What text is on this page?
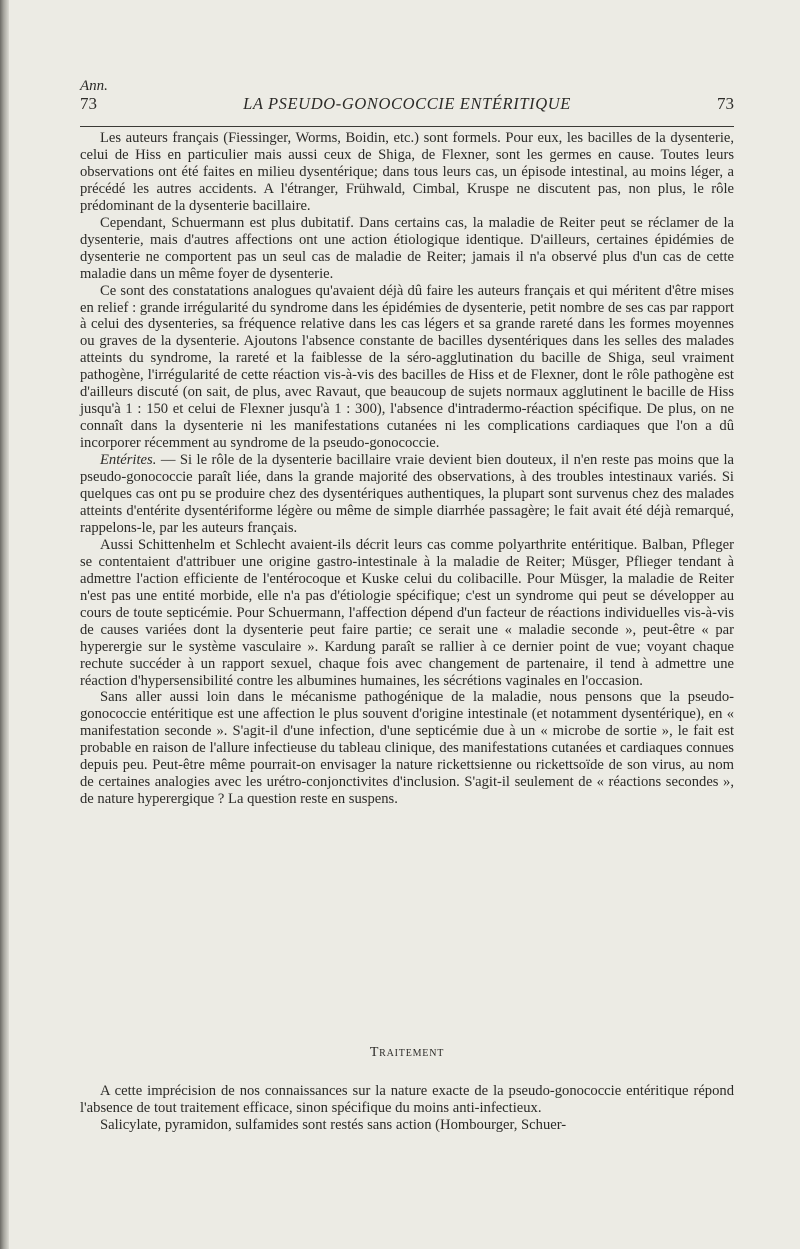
Ann.
73	LA PSEUDO-GONOCOCCIE ENTÉRITIQUE	73

Les auteurs français (Fiessinger, Worms, Boidin, etc.) sont formels. Pour eux, les bacilles de la dysenterie, celui de Hiss en particulier mais aussi ceux de Shiga, de Flexner, sont les germes en cause. Toutes leurs observations ont été faites en milieu dysentérique; dans tous leurs cas, un épisode intestinal, au moins léger, a précédé les autres accidents. A l'étranger, Frühwald, Cimbal, Kruspe ne discutent pas, non plus, le rôle prédominant de la dysenterie bacillaire.

Cependant, Schuermann est plus dubitatif. Dans certains cas, la maladie de Reiter peut se réclamer de la dysenterie, mais d'autres affections ont une action étiologique identique. D'ailleurs, certaines épidémies de dysenterie ne comportent pas un seul cas de maladie de Reiter; jamais il n'a observé plus d'un cas de cette maladie dans un même foyer de dysenterie.

Ce sont des constatations analogues qu'avaient déjà dû faire les auteurs français et qui méritent d'être mises en relief : grande irrégularité du syndrome dans les épidémies de dysenterie, petit nombre de ses cas par rapport à celui des dysenteries, sa fréquence relative dans les cas légers et sa grande rareté dans les formes moyennes ou graves de la dysenterie. Ajoutons l'absence constante de bacilles dysentériques dans les selles des malades atteints du syndrome, la rareté et la faiblesse de la séro-agglutination du bacille de Shiga, seul vraiment pathogène, l'irrégularité de cette réaction vis-à-vis des bacilles de Hiss et de Flexner, dont le rôle pathogène est d'ailleurs discuté (on sait, de plus, avec Ravaut, que beaucoup de sujets normaux agglutinent le bacille de Hiss jusqu'à 1 : 150 et celui de Flexner jusqu'à 1 : 300), l'absence d'intradermo-réaction spécifique. De plus, on ne connaît dans la dysenterie ni les manifestations cutanées ni les complications cardiaques que l'on a dû incorporer récemment au syndrome de la pseudo-gonococcie.

Entérites. — Si le rôle de la dysenterie bacillaire vraie devient bien douteux, il n'en reste pas moins que la pseudo-gonococcie paraît liée, dans la grande majorité des observations, à des troubles intestinaux variés. Si quelques cas ont pu se produire chez des dysentériques authentiques, la plupart sont survenus chez des malades atteints d'entérite dysentériforme légère ou même de simple diarrhée passagère; le fait avait été déjà remarqué, rappelons-le, par les auteurs français.

Aussi Schittenhelm et Schlecht avaient-ils décrit leurs cas comme polyarthrite entéritique. Balban, Pfleger se contentaient d'attribuer une origine gastro-intestinale à la maladie de Reiter; Müsger, Pflieger tendant à admettre l'action efficiente de l'entérocoque et Kuske celui du colibacille. Pour Müsger, la maladie de Reiter n'est pas une entité morbide, elle n'a pas d'étiologie spécifique; c'est un syndrome qui peut se développer au cours de toute septicémie. Pour Schuermann, l'affection dépend d'un facteur de réactions individuelles vis-à-vis de causes variées dont la dysenterie peut faire partie; ce serait une « maladie seconde », peut-être « par hyperergie sur le système vasculaire ». Kardung paraît se rallier à ce dernier point de vue; voyant chaque rechute succéder à un rapport sexuel, chaque fois avec changement de partenaire, il tend à admettre une réaction d'hypersensibilité contre les albumines humaines, les sécrétions vaginales en l'occasion.

Sans aller aussi loin dans le mécanisme pathogénique de la maladie, nous pensons que la pseudo-gonococcie entéritique est une affection le plus souvent d'origine intestinale (et notamment dysentérique), en « manifestation seconde ». S'agit-il d'une infection, d'une septicémie due à un « microbe de sortie », le fait est probable en raison de l'allure infectieuse du tableau clinique, des manifestations cutanées et cardiaques connues depuis peu. Peut-être même pourrait-on envisager la nature rickettsienne ou rickettsoïde de son virus, au nom de certaines analogies avec les urétro-conjonctivites d'inclusion. S'agit-il seulement de « réactions secondes », de nature hyperergique ? La question reste en suspens.

Traitement

A cette imprécision de nos connaissances sur la nature exacte de la pseudo-gonococcie entéritique répond l'absence de tout traitement efficace, sinon spécifique du moins anti-infectieux.

Salicylate, pyramidon, sulfamides sont restés sans action (Hombourger, Schuer-
